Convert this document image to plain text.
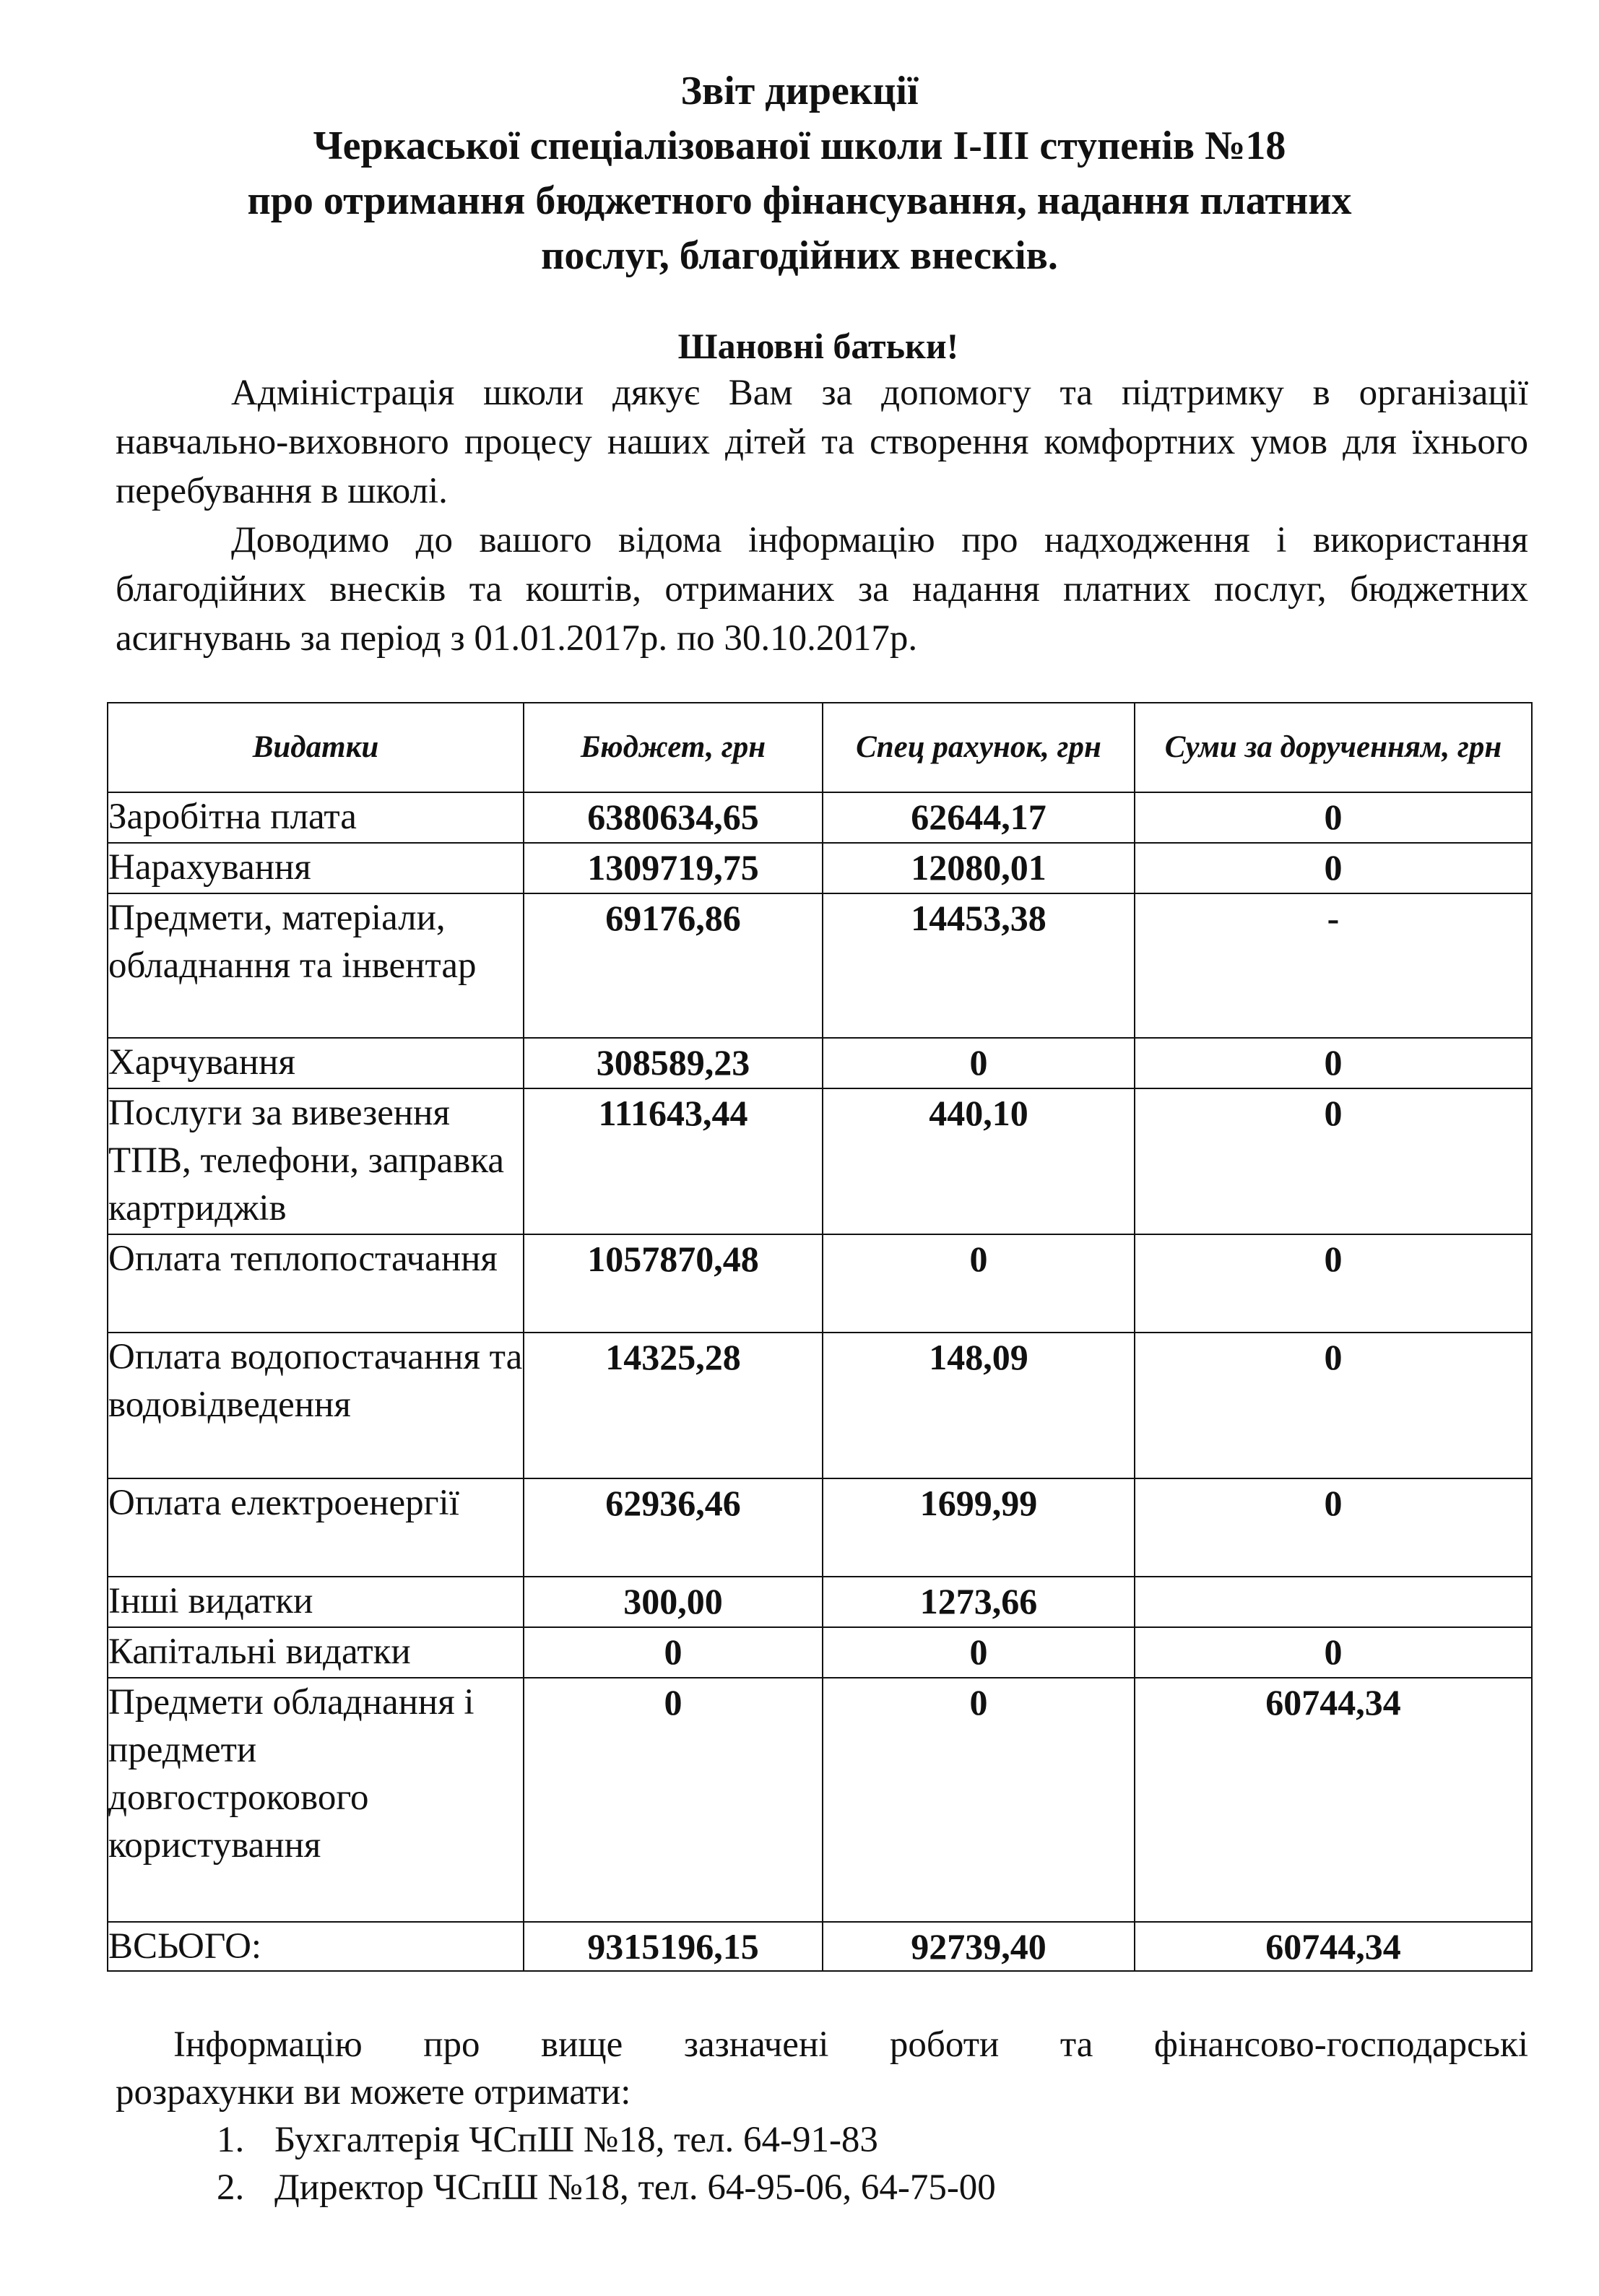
Звіт дирекції
Черкаської спеціалізованої школи І-ІІІ ступенів №18
про отримання бюджетного фінансування, надання платних
послуг, благодійних внесків.
Шановні батьки!
Адміністрація школи дякує Вам за допомогу та підтримку в організації навчально-виховного процесу наших дітей та створення комфортних умов для їхнього перебування в школі.
Доводимо до вашого відома інформацію про надходження і використання благодійних внесків та коштів, отриманих за надання платних послуг, бюджетних асигнувань за період з 01.01.2017р. по 30.10.2017р.
Видатки	Бюджет, грн	Спец рахунок, грн	Суми за дорученням, грн
Заробітна плата	6380634,65	62644,17	0
Нарахування	1309719,75	12080,01	0
Предмети, матеріали, обладнання та інвентар	69176,86	14453,38	-
Харчування	308589,23	0	0
Послуги за вивезення ТПВ, телефони, заправка картриджів	111643,44	440,10	0
Оплата теплопостачання	1057870,48	0	0
Оплата водопостачання та водовідведення	14325,28	148,09	0
Оплата електроенергії	62936,46	1699,99	0
Інші видатки	300,00	1273,66	
Капітальні видатки	0	0	0
Предмети обладнання і предмети довгострокового користування	0	0	60744,34
ВСЬОГО:	9315196,15	92739,40	60744,34
Інформацію про вище зазначені роботи та фінансово-господарські
розрахунки ви можете отримати:
1. Бухгалтерія ЧСпШ №18, тел. 64-91-83
2. Директор ЧСпШ №18, тел. 64-95-06, 64-75-00
